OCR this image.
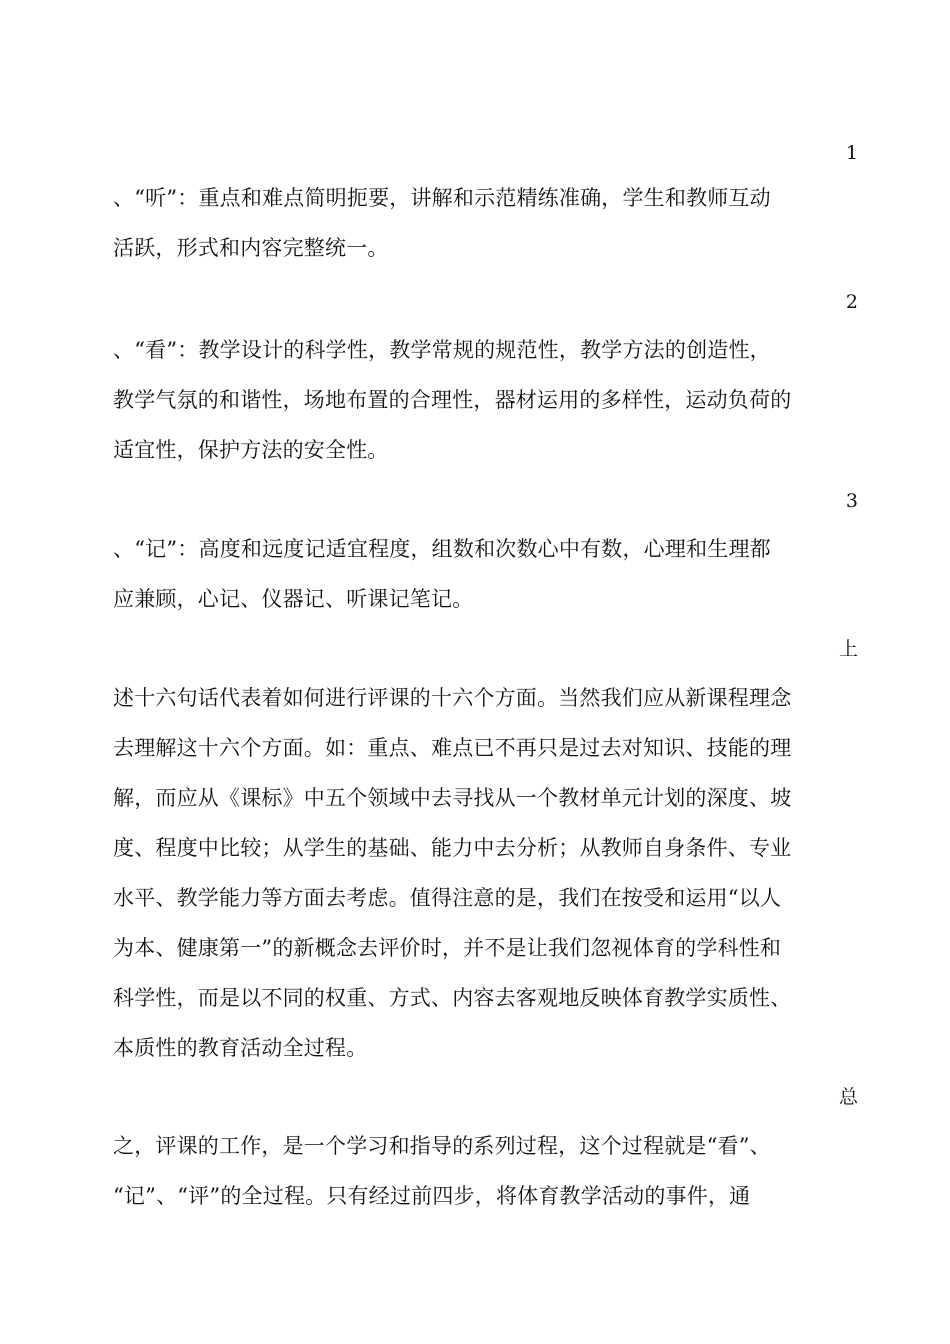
1
、“听”：重点和难点简明扼要，讲解和示范精练准确，学生和教师互动
活跃，形式和内容完整统一。
2
、“看”：教学设计的科学性，教学常规的规范性，教学方法的创造性，
教学气氛的和谐性，场地布置的合理性，器材运用的多样性，运动负荷的
适宜性，保护方法的安全性。
3
、“记”：高度和远度记适宜程度，组数和次数心中有数，心理和生理都
应兼顾，心记、仪器记、听课记笔记。
上
述十六句话代表着如何进行评课的十六个方面。当然我们应从新课程理念
去理解这十六个方面。如：重点、难点已不再只是过去对知识、技能的理
解，而应从《课标》中五个领域中去寻找从一个教材单元计划的深度、坡
度、程度中比较；从学生的基础、能力中去分析；从教师自身条件、专业
水平、教学能力等方面去考虑。值得注意的是，我们在按受和运用“以人
为本、健康第一”的新概念去评价时，并不是让我们忽视体育的学科性和
科学性，而是以不同的权重、方式、内容去客观地反映体育教学实质性、
本质性的教育活动全过程。
总
之，评课的工作，是一个学习和指导的系列过程，这个过程就是“看”、
“记”、“评”的全过程。只有经过前四步，将体育教学活动的事件，通
